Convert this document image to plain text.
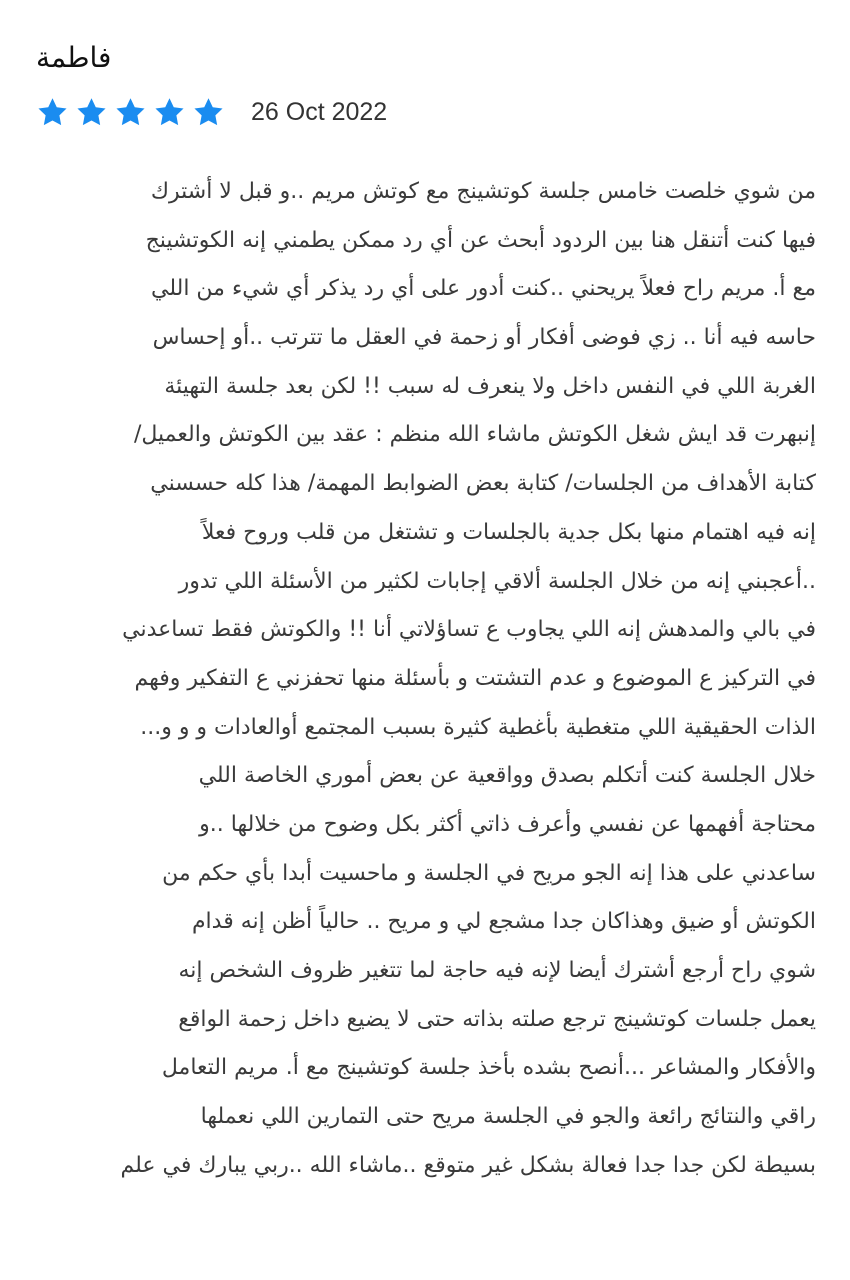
فاطمة
26 Oct 2022
من شوي خلصت خامس جلسة كوتشينج مع كوتش مريم ..و قبل لا أشترك
فيها كنت أتنقل هنا بين الردود أبحث عن أي رد ممكن يطمني إنه الكوتشينج
مع أ. مريم راح فعلاً يريحني ..كنت أدور على أي رد يذكر أي شيء من اللي
حاسه فيه أنا .. زي فوضى أفكار أو زحمة في العقل ما تترتب ..أو إحساس
الغربة اللي في النفس داخل ولا ينعرف له سبب !! لكن بعد جلسة التهيئة
إنبهرت قد ايش شغل الكوتش ماشاء الله منظم : عقد بين الكوتش والعميل/
كتابة الأهداف من الجلسات/ كتابة بعض الضوابط المهمة/ هذا كله حسسني
إنه فيه اهتمام منها بكل جدية بالجلسات و تشتغل من قلب وروح فعلاً
..أعجبني إنه من خلال الجلسة ألاقي إجابات لكثير من الأسئلة اللي تدور
في بالي والمدهش إنه اللي يجاوب ع تساؤلاتي أنا !! والكوتش فقط تساعدني
في التركيز ع الموضوع و عدم التشتت و بأسئلة منها تحفزني ع التفكير وفهم
الذات الحقيقية اللي متغطية بأغطية كثيرة بسبب المجتمع أوالعادات و و و...
خلال الجلسة كنت أتكلم بصدق وواقعية عن بعض أموري الخاصة اللي
محتاجة أفهمها عن نفسي وأعرف ذاتي أكثر بكل وضوح من خلالها ..و
ساعدني على هذا إنه الجو مريح في الجلسة و ماحسيت أبدا بأي حكم من
الكوتش أو ضيق وهذاكان جدا مشجع لي و مريح .. حالياً أظن إنه قدام
شوي راح أرجع أشترك أيضا لإنه فيه حاجة لما تتغير ظروف الشخص إنه
يعمل جلسات كوتشينج ترجع صلته بذاته حتى لا يضيع داخل زحمة الواقع
والأفكار والمشاعر ...أنصح بشده بأخذ جلسة كوتشينج مع أ. مريم التعامل
راقي والنتائج رائعة والجو في الجلسة مريح حتى التمارين اللي نعملها
بسيطة لكن جدا جدا فعالة بشكل غير متوقع ..ماشاء الله ..ربي يبارك في علم
